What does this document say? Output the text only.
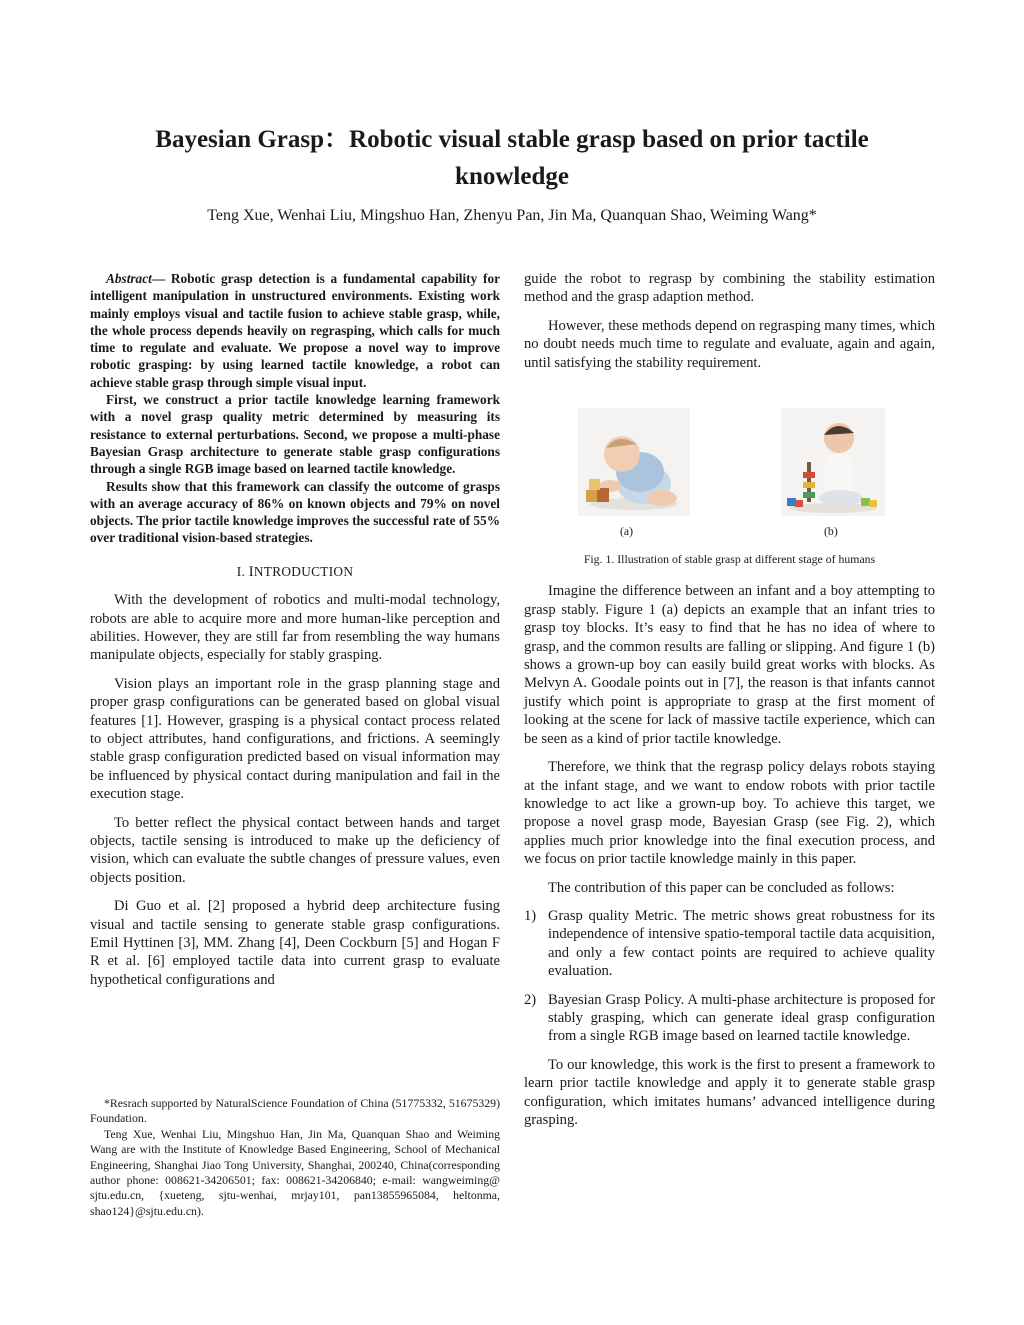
Bayesian Grasp：Robotic visual stable grasp based on prior tactile knowledge

Teng Xue, Wenhai Liu, Mingshuo Han, Zhenyu Pan, Jin Ma, Quanquan Shao, Weiming Wang*

Abstract— Robotic grasp detection is a fundamental capability for intelligent manipulation in unstructured environments. Existing work mainly employs visual and tactile fusion to achieve stable grasp, while, the whole process depends heavily on regrasping, which calls for much time to regulate and evaluate. We propose a novel way to improve robotic grasping: by using learned tactile knowledge, a robot can achieve stable grasp through simple visual input.

First, we construct a prior tactile knowledge learning framework with a novel grasp quality metric determined by measuring its resistance to external perturbations. Second, we propose a multi-phase Bayesian Grasp architecture to generate stable grasp configurations through a single RGB image based on learned tactile knowledge.

Results show that this framework can classify the outcome of grasps with an average accuracy of 86% on known objects and 79% on novel objects. The prior tactile knowledge improves the successful rate of 55% over traditional vision-based strategies.

I. INTRODUCTION

With the development of robotics and multi-modal technology, robots are able to acquire more and more human-like perception and abilities. However, they are still far from resembling the way humans manipulate objects, especially for stably grasping.

Vision plays an important role in the grasp planning stage and proper grasp configurations can be generated based on global visual features [1]. However, grasping is a physical contact process related to object attributes, hand configurations, and frictions. A seemingly stable grasp configuration predicted based on visual information may be influenced by physical contact during manipulation and fail in the execution stage.

To better reflect the physical contact between hands and target objects, tactile sensing is introduced to make up the deficiency of vision, which can evaluate the subtle changes of pressure values, even objects position.

Di Guo et al. [2] proposed a hybrid deep architecture fusing visual and tactile sensing to generate stable grasp configurations. Emil Hyttinen [3], MM. Zhang [4], Deen Cockburn [5] and Hogan F R et al. [6] employed tactile data into current grasp to evaluate hypothetical configurations and

*Resrach supported by NaturalScience Foundation of China (51775332, 51675329) Foundation.

Teng Xue, Wenhai Liu, Mingshuo Han, Jin Ma, Quanquan Shao and Weiming Wang are with the Institute of Knowledge Based Engineering, School of Mechanical Engineering, Shanghai Jiao Tong University, Shanghai, 200240, China(corresponding author phone: 008621-34206501; fax: 008621-34206840; e-mail: wangweiming@ sjtu.edu.cn, {xueteng, sjtu-wenhai, mrjay101, pan13855965084, heltonma, shao124}@sjtu.edu.cn).

guide the robot to regrasp by combining the stability estimation method and the grasp adaption method.

However, these methods depend on regrasping many times, which no doubt needs much time to regulate and evaluate, again and again, until satisfying the stability requirement.

(a)	(b)
Fig. 1. Illustration of stable grasp at different stage of humans

Imagine the difference between an infant and a boy attempting to grasp stably. Figure 1 (a) depicts an example that an infant tries to grasp toy blocks. It’s easy to find that he has no idea of where to grasp, and the common results are falling or slipping. And figure 1 (b) shows a grown-up boy can easily build great works with blocks. As Melvyn A. Goodale points out in [7], the reason is that infants cannot justify which point is appropriate to grasp at the first moment of looking at the scene for lack of massive tactile experience, which can be seen as a kind of prior tactile knowledge.

Therefore, we think that the regrasp policy delays robots staying at the infant stage, and we want to endow robots with prior tactile knowledge to act like a grown-up boy. To achieve this target, we propose a novel grasp mode, Bayesian Grasp (see Fig. 2), which applies much prior knowledge into the final execution process, and we focus on prior tactile knowledge mainly in this paper.

The contribution of this paper can be concluded as follows:

1) Grasp quality Metric. The metric shows great robustness for its independence of intensive spatio-temporal tactile data acquisition, and only a few contact points are required to achieve quality evaluation.
2) Bayesian Grasp Policy. A multi-phase architecture is proposed for stably grasping, which can generate ideal grasp configuration from a single RGB image based on learned tactile knowledge.

To our knowledge, this work is the first to present a framework to learn prior tactile knowledge and apply it to generate stable grasp configuration, which imitates humans’ advanced intelligence during grasping.
